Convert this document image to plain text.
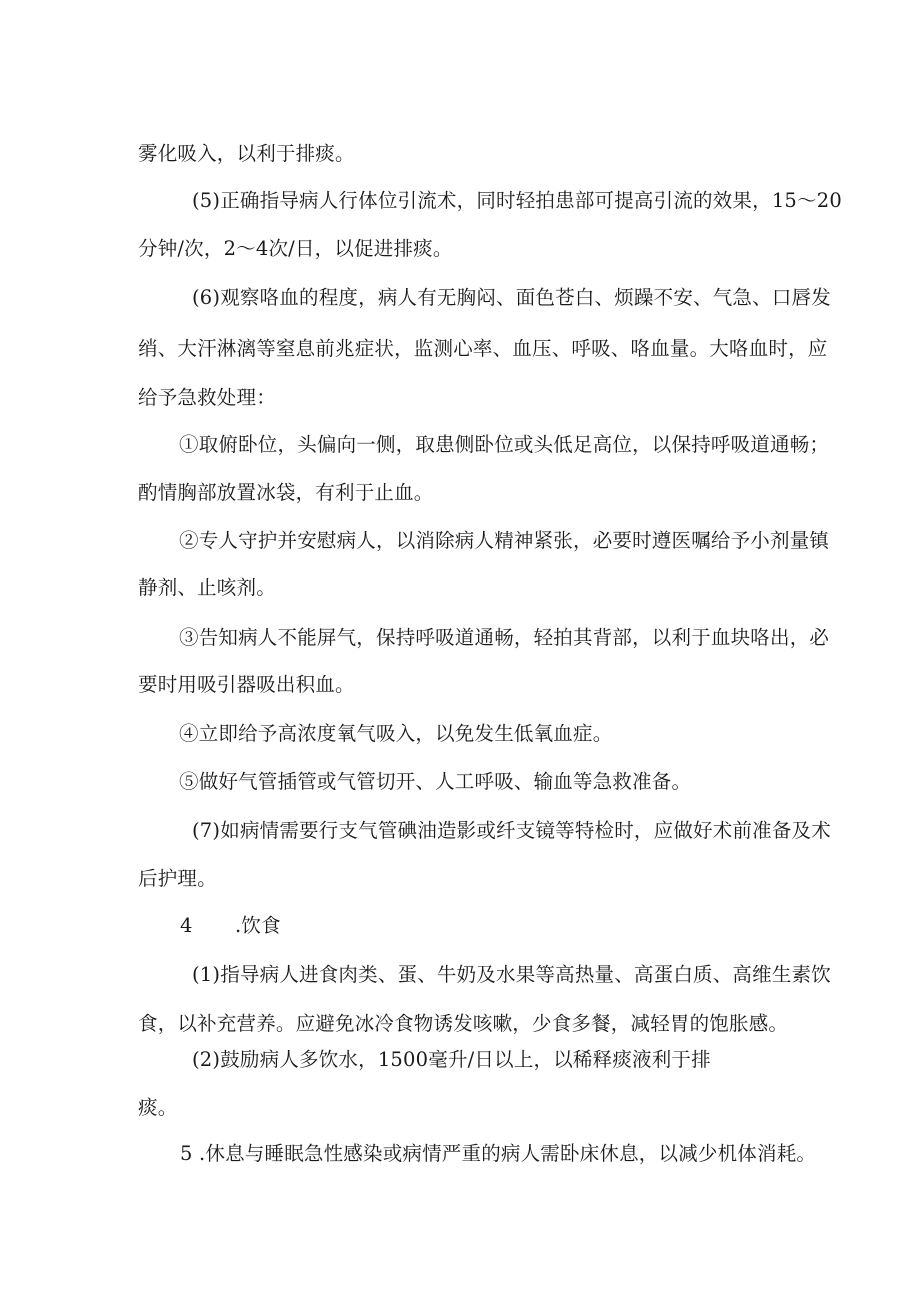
雾化吸入，以利于排痰。
(5)正确指导病人行体位引流术，同时轻拍患部可提高引流的效果，15〜20
分钟/次，2〜4次/日，以促进排痰。
(6)观察咯血的程度，病人有无胸闷、面色苍白、烦躁不安、气急、口唇发
绡、大汗淋漓等窒息前兆症状，监测心率、血压、呼吸、咯血量。大咯血时，应
给予急救处理：
①取俯卧位，头偏向一侧，取患侧卧位或头低足高位，以保持呼吸道通畅；
酌情胸部放置冰袋，有利于止血。
②专人守护并安慰病人，以消除病人精神紧张，必要时遵医嘱给予小剂量镇
静剂、止咳剂。
③告知病人不能屏气，保持呼吸道通畅，轻拍其背部，以利于血块咯出，必
要时用吸引器吸出积血。
④立即给予高浓度氧气吸入，以免发生低氧血症。
⑤做好气管插管或气管切开、人工呼吸、输血等急救准备。
(7)如病情需要行支气管碘油造影或纤支镜等特检时，应做好术前准备及术
后护理。
4 .饮食
(1)指导病人进食肉类、蛋、牛奶及水果等高热量、高蛋白质、高维生素饮
食，以补充营养。应避免冰冷食物诱发咳嗽，少食多餐，减轻胃的饱胀感。
(2)鼓励病人多饮水，1500毫升/日以上，以稀释痰液利于排
痰。
5 .休息与睡眠急性感染或病情严重的病人需卧床休息，以减少机体消耗。
